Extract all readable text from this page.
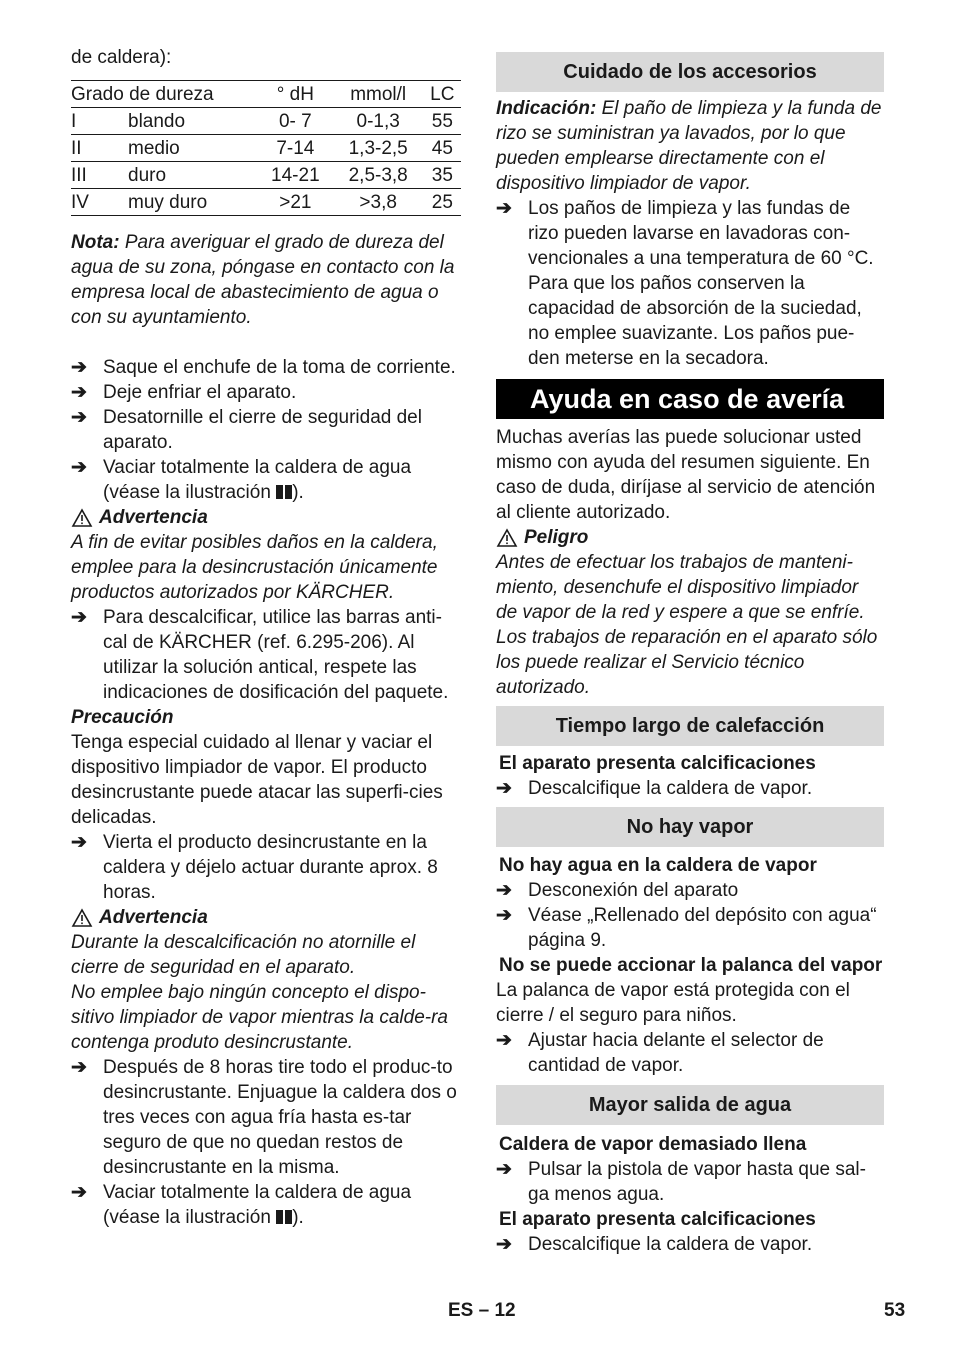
de caldera):

Grado de dureza		° dH	mmol/l	LC
I	blando	0- 7	0-1,3	55
II	medio	7-14	1,3-2,5	45
III	duro	14-21	2,5-3,8	35
IV	muy duro	>21	>3,8	25

Nota: Para averiguar el grado de dureza del agua de su zona, póngase en contacto con la empresa local de abastecimiento de agua o con su ayuntamiento.

➔ Saque el enchufe de la toma de corriente.
➔ Deje enfriar el aparato.
➔ Desatornille el cierre de seguridad del aparato.
➔ Vaciar totalmente la caldera de agua (véase la ilustración ).
Advertencia

A fin de evitar posibles daños en la caldera, emplee para la desincrustación únicamente productos autorizados por KÄRCHER.

➔ Para descalcificar, utilice las barras anti-cal de KÄRCHER (ref. 6.295-206). Al utilizar la solución antical, respete las indicaciones de dosificación del paquete.

Precaución

Tenga especial cuidado al llenar y vaciar el dispositivo limpiador de vapor. El producto desincrustante puede atacar las superfi-cies delicadas.

➔ Vierta el producto desincrustante en la caldera y déjelo actuar durante aprox. 8 horas.
Advertencia

Durante la descalcificación no atornille el cierre de seguridad en el aparato.

No emplee bajo ningún concepto el dispo-sitivo limpiador de vapor mientras la calde-ra contenga produto desincrustante.

➔ Después de 8 horas tire todo el produc-to desincrustante. Enjuague la caldera dos o tres veces con agua fría hasta es-tar seguro de que no quedan restos de desincrustante en la misma.
➔ Vaciar totalmente la caldera de agua (véase la ilustración ).
Cuidado de los accesorios

Indicación: El paño de limpieza y la funda de rizo se suministran ya lavados, por lo que pueden emplearse directamente con el dispositivo limpiador de vapor.

➔ Los paños de limpieza y las fundas de rizo pueden lavarse en lavadoras con-vencionales a una temperatura de 60 °C. Para que los paños conserven la capacidad de absorción de la suciedad, no emplee suavizante. Los paños pue-den meterse en la secadora.
Ayuda en caso de avería

Muchas averías las puede solucionar usted mismo con ayuda del resumen siguiente. En caso de duda, diríjase al servicio de atención al cliente autorizado.

Peligro

Antes de efectuar los trabajos de manteni-miento, desenchufe el dispositivo limpiador de vapor de la red y espere a que se enfríe. Los trabajos de reparación en el aparato sólo los puede realizar el Servicio técnico autorizado.

Tiempo largo de calefacción

El aparato presenta calcificaciones

➔ Descalcifique la caldera de vapor.
No hay vapor

No hay agua en la caldera de vapor

➔ Desconexión del aparato
➔ Véase „Rellenado del depósito con agua“ página 9.

No se puede accionar la palanca del vapor

La palanca de vapor está protegida con el cierre / el seguro para niños.

➔ Ajustar hacia delante el selector de cantidad de vapor.
Mayor salida de agua

Caldera de vapor demasiado llena

➔ Pulsar la pistola de vapor hasta que sal-ga menos agua.

El aparato presenta calcificaciones

➔ Descalcifique la caldera de vapor.
ES – 12	53
